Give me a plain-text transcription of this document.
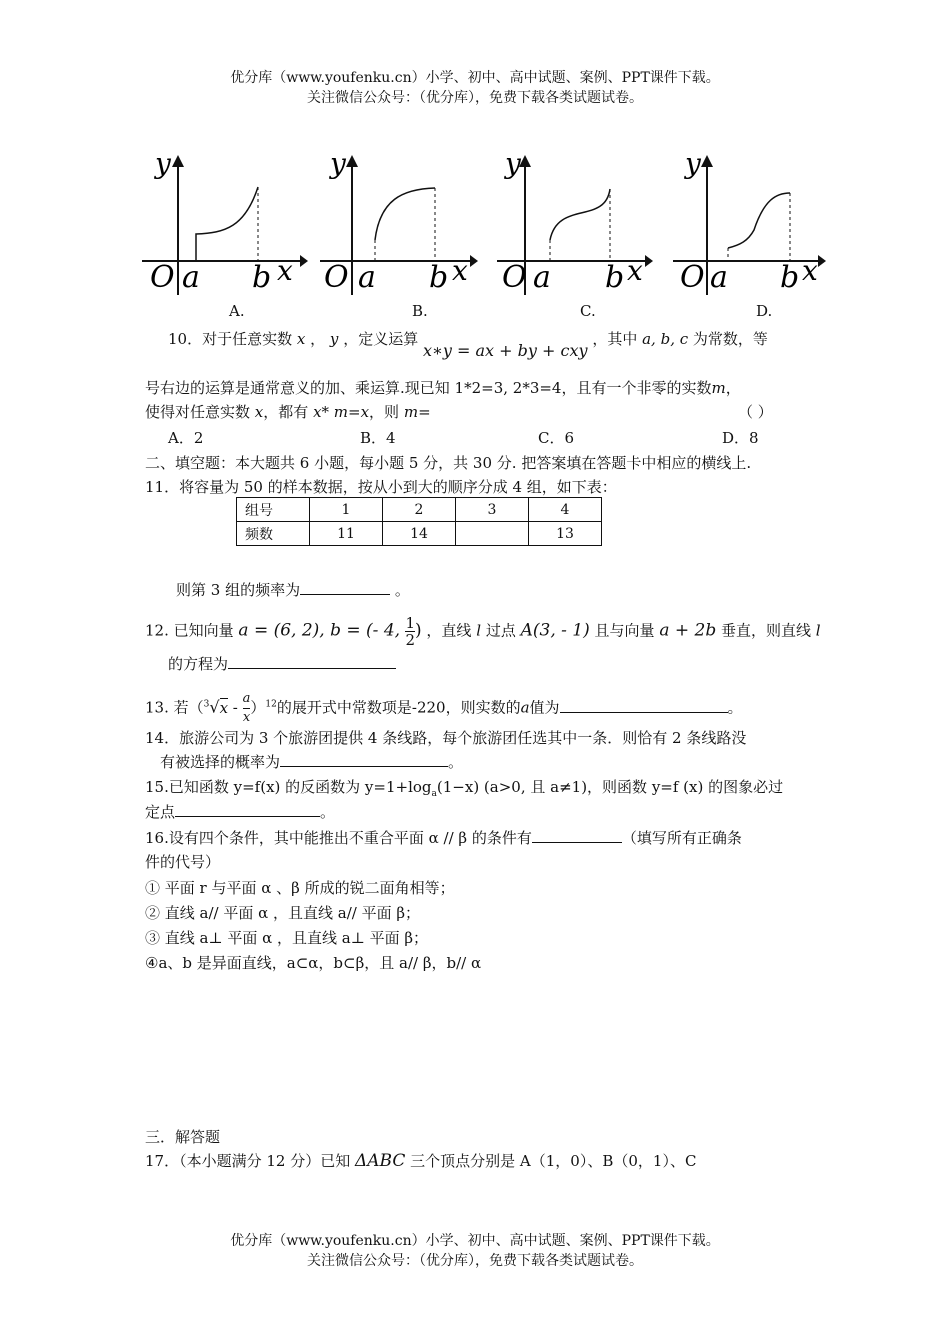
优分库（www.youfenku.cn）小学、初中、高中试题、案例、PPT课件下载。
关注微信公众号：（优分库），免费下载各类试题试卷。
y
O a b x
y
O a b x
y
O a b x
y
O a b x
A.	B.	C.	D.
10．对于任意实数 x ， y ，定义运算 x∗y = ax + by + cxy ，其中 a, b, c 为常数，等
号右边的运算是通常意义的加、乘运算.现已知 1*2=3, 2*3=4，且有一个非零的实数m，
使得对任意实数 x，都有 x* m=x，则 m=	（ ）
A．2	B．4	C．6	D．8
二、填空题：本大题共 6 小题，每小题 5 分，共 30 分. 把答案填在答题卡中相应的横线上.
11．将容量为 50 的样本数据，按从小到大的顺序分成 4 组，如下表：
组号	1	2	3	4
频数	11	14		13
则第 3 组的频率为	。
12. 已知向量 a = (6, 2), b = (- 4, $\frac{1}{2}$ ) ，直线 l 过点 A(3, - 1) 且与向量 a + 2b 垂直，则直线 l
的方程为
13. 若$(^3√x - \frac{a}{x} )^{12}$的展开式中常数项是-220，则实数的a值为	。
14．旅游公司为 3 个旅游团提供 4 条线路，每个旅游团任选其中一条．则恰有 2 条线路没
有被选择的概率为	。
15.已知函数 y=f(x) 的反函数为 $y=1+\log_a(1-x)$ (a>0, 且 a≠1)，则函数 y=f (x) 的图象必过
定点	。
16.设有四个条件，其中能推出不重合平面 α // β 的条件有	（填写所有正确条
件的代号）
① 平面 r 与平面 α 、β 所成的锐二面角相等；
② 直线 a// 平面 α ，且直线 a// 平面 β；
③ 直线 a⊥ 平面 α ，且直线 a⊥ 平面 β；
④a、b 是异面直线，a⊂α，b⊂β，且 a// β，b// α
三．解答题
17．（本小题满分 12 分）已知 ΔABC 三个顶点分别是 A（1，0）、B（0，1）、C
优分库（www.youfenku.cn）小学、初中、高中试题、案例、PPT课件下载。
关注微信公众号：（优分库），免费下载各类试题试卷。
